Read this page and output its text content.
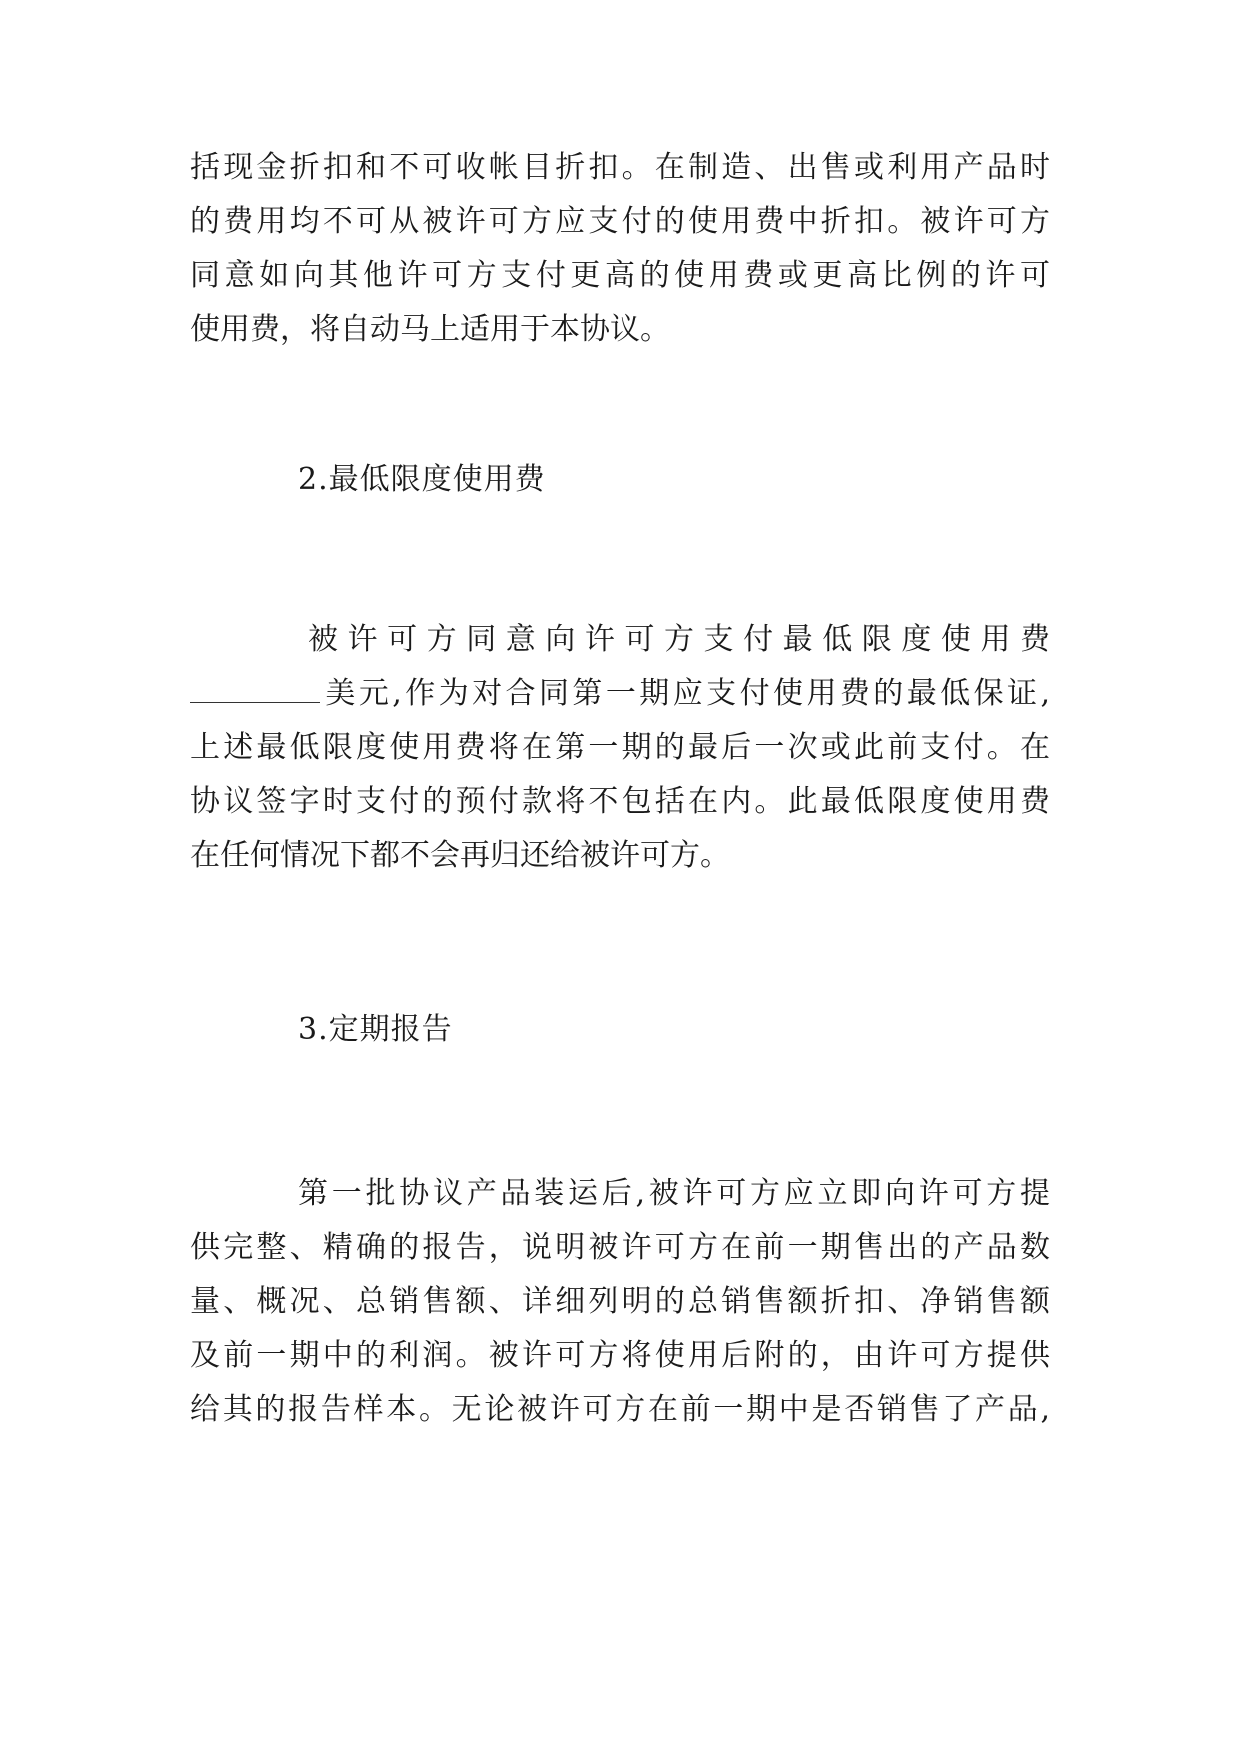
括现金折扣和不可收帐目折扣。在制造、出售或利用产品时
的费用均不可从被许可方应支付的使用费中折扣。被许可方
同意如向其他许可方支付更高的使用费或更高比例的许可
使用费，将自动马上适用于本协议。
2.最低限度使用费
被许可方同意向许可方支付最低限度使用费
美元,作为对合同第一期应支付使用费的最低保证,
上述最低限度使用费将在第一期的最后一次或此前支付。在
协议签字时支付的预付款将不包括在内。此最低限度使用费
在任何情况下都不会再归还给被许可方。
3.定期报告
第一批协议产品装运后,被许可方应立即向许可方提
供完整、精确的报告，说明被许可方在前一期售出的产品数
量、概况、总销售额、详细列明的总销售额折扣、净销售额
及前一期中的利润。被许可方将使用后附的，由许可方提供
给其的报告样本。无论被许可方在前一期中是否销售了产品,
